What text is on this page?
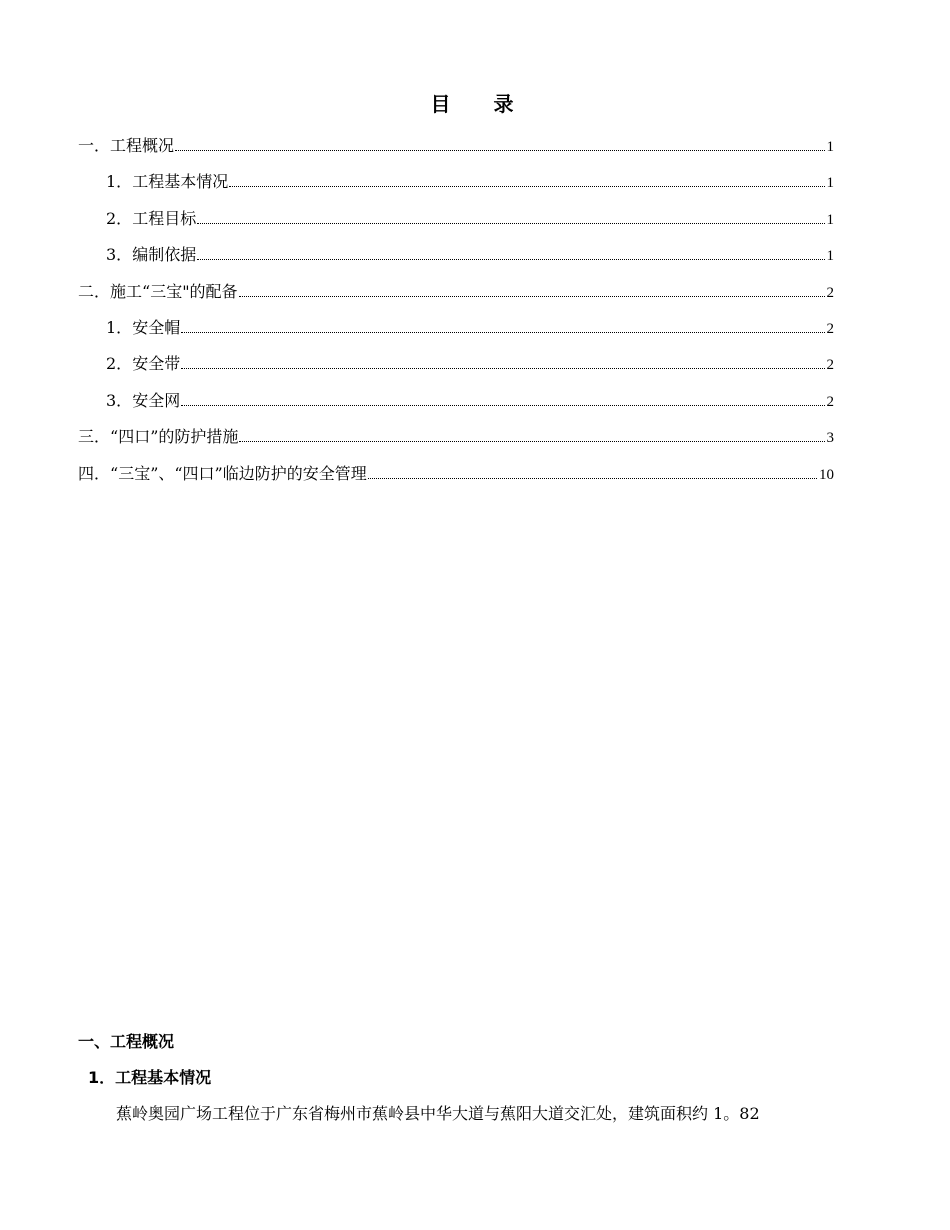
目 录
一． 工程概况	1
1． 工程基本情况	1
2． 工程目标	1
3． 编制依据	1
二． 施工“三宝"的配备	2
1． 安全帽	2
2． 安全带	2
3． 安全网	2
三． “四口”的防护措施	3
四． “三宝”、“四口”临边防护的安全管理	10
一、工程概况
1．工程基本情况
蕉岭奥园广场工程位于广东省梅州市蕉岭县中华大道与蕉阳大道交汇处，建筑面积约 1。82
